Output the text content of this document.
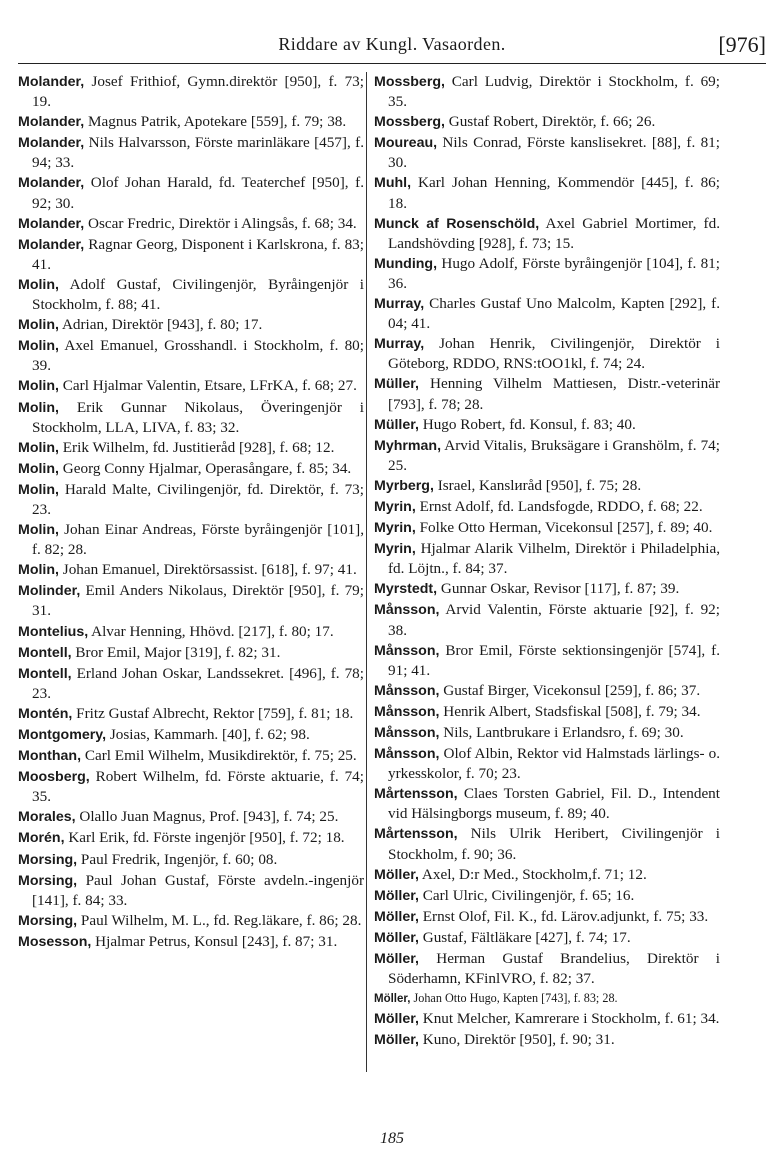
Riddare av Kungl. Vasaorden.	[976]

Molander, Josef Frithiof, Gymn.direktör [950], f. 73; 19.

Molander, Magnus Patrik, Apotekare [559], f. 79; 38.

Molander, Nils Halvarsson, Förste marinläkare [457], f. 94; 33.

Molander, Olof Johan Harald, fd. Teaterchef [950], f. 92; 30.

Molander, Oscar Fredric, Direktör i Alingsås, f. 68; 34.

Molander, Ragnar Georg, Disponent i Karlskrona, f. 83; 41.

Molin, Adolf Gustaf, Civilingenjör, Byråingenjör i Stockholm, f. 88; 41.

Molin, Adrian, Direktör [943], f. 80; 17.

Molin, Axel Emanuel, Grosshandl. i Stockholm, f. 80; 39.

Molin, Carl Hjalmar Valentin, Etsare, LFrKA, f. 68; 27.

Molin, Erik Gunnar Nikolaus, Överingenjör i Stockholm, LLA, LIVA, f. 83; 32.

Molin, Erik Wilhelm, fd. Justitieråd [928], f. 68; 12.

Molin, Georg Conny Hjalmar, Operasångare, f. 85; 34.

Molin, Harald Malte, Civilingenjör, fd. Direktör, f. 73; 23.

Molin, Johan Einar Andreas, Förste byråingenjör [101], f. 82; 28.

Molin, Johan Emanuel, Direktörsassist. [618], f. 97; 41.

Molinder, Emil Anders Nikolaus, Direktör [950], f. 79; 31.

Montelius, Alvar Henning, Hhövd. [217], f. 80; 17.

Montell, Bror Emil, Major [319], f. 82; 31.

Montell, Erland Johan Oskar, Landssekret. [496], f. 78; 23.

Montén, Fritz Gustaf Albrecht, Rektor [759], f. 81; 18.

Montgomery, Josias, Kammarh. [40], f. 62; 98.

Monthan, Carl Emil Wilhelm, Musikdirektör, f. 75; 25.

Moosberg, Robert Wilhelm, fd. Förste aktuarie, f. 74; 35.

Morales, Olallo Juan Magnus, Prof. [943], f. 74; 25.

Morén, Karl Erik, fd. Förste ingenjör [950], f. 72; 18.

Morsing, Paul Fredrik, Ingenjör, f. 60; 08.

Morsing, Paul Johan Gustaf, Förste avdeln.-ingenjör [141], f. 84; 33.

Morsing, Paul Wilhelm, M. L., fd. Reg.läkare, f. 86; 28.

Mosesson, Hjalmar Petrus, Konsul [243], f. 87; 31.

Mossberg, Carl Ludvig, Direktör i Stockholm, f. 69; 35.

Mossberg, Gustaf Robert, Direktör, f. 66; 26.

Moureau, Nils Conrad, Förste kanslisekret. [88], f. 81; 30.

Muhl, Karl Johan Henning, Kommendör [445], f. 86; 18.

Munck af Rosenschöld, Axel Gabriel Mortimer, fd. Landshövding [928], f. 73; 15.

Munding, Hugo Adolf, Förste byråingenjör [104], f. 81; 36.

Murray, Charles Gustaf Uno Malcolm, Kapten [292], f. 04; 41.

Murray, Johan Henrik, Civilingenjör, Direktör i Göteborg, RDDO, RNS:tOO1kl, f. 74; 24.

Müller, Henning Vilhelm Mattiesen, Distr.-veterinär [793], f. 78; 28.

Müller, Hugo Robert, fd. Konsul, f. 83; 40.

Myhrman, Arvid Vitalis, Bruksägare i Granshölm, f. 74; 25.

Myrberg, Israel, Kanslиråd [950], f. 75; 28.

Myrin, Ernst Adolf, fd. Landsfogde, RDDO, f. 68; 22.

Myrin, Folke Otto Herman, Vicekonsul [257], f. 89; 40.

Myrin, Hjalmar Alarik Vilhelm, Direktör i Philadelphia, fd. Löjtn., f. 84; 37.

Myrstedt, Gunnar Oskar, Revisor [117], f. 87; 39.

Månsson, Arvid Valentin, Förste aktuarie [92], f. 92; 38.

Månsson, Bror Emil, Förste sektionsingenjör [574], f. 91; 41.

Månsson, Gustaf Birger, Vicekonsul [259], f. 86; 37.

Månsson, Henrik Albert, Stadsfiskal [508], f. 79; 34.

Månsson, Nils, Lantbrukare i Erlandsro, f. 69; 30.

Månsson, Olof Albin, Rektor vid Halmstads lärlings- o. yrkesskolor, f. 70; 23.

Mårtensson, Claes Torsten Gabriel, Fil. D., Intendent vid Hälsingborgs museum, f. 89; 40.

Mårtensson, Nils Ulrik Heribert, Civilingenjör i Stockholm, f. 90; 36.

Möller, Axel, D:r Med., Stockholm,f. 71; 12.

Möller, Carl Ulric, Civilingenjör, f. 65; 16.

Möller, Ernst Olof, Fil. K., fd. Lärov.adjunkt, f. 75; 33.

Möller, Gustaf, Fältläkare [427], f. 74; 17.

Möller, Herman Gustaf Brandelius, Direktör i Söderhamn, KFinlVRO, f. 82; 37.

Möller, Johan Otto Hugo, Kapten [743], f. 83; 28.

Möller, Knut Melcher, Kamrerare i Stockholm, f. 61; 34.

Möller, Kuno, Direktör [950], f. 90; 31.

185
